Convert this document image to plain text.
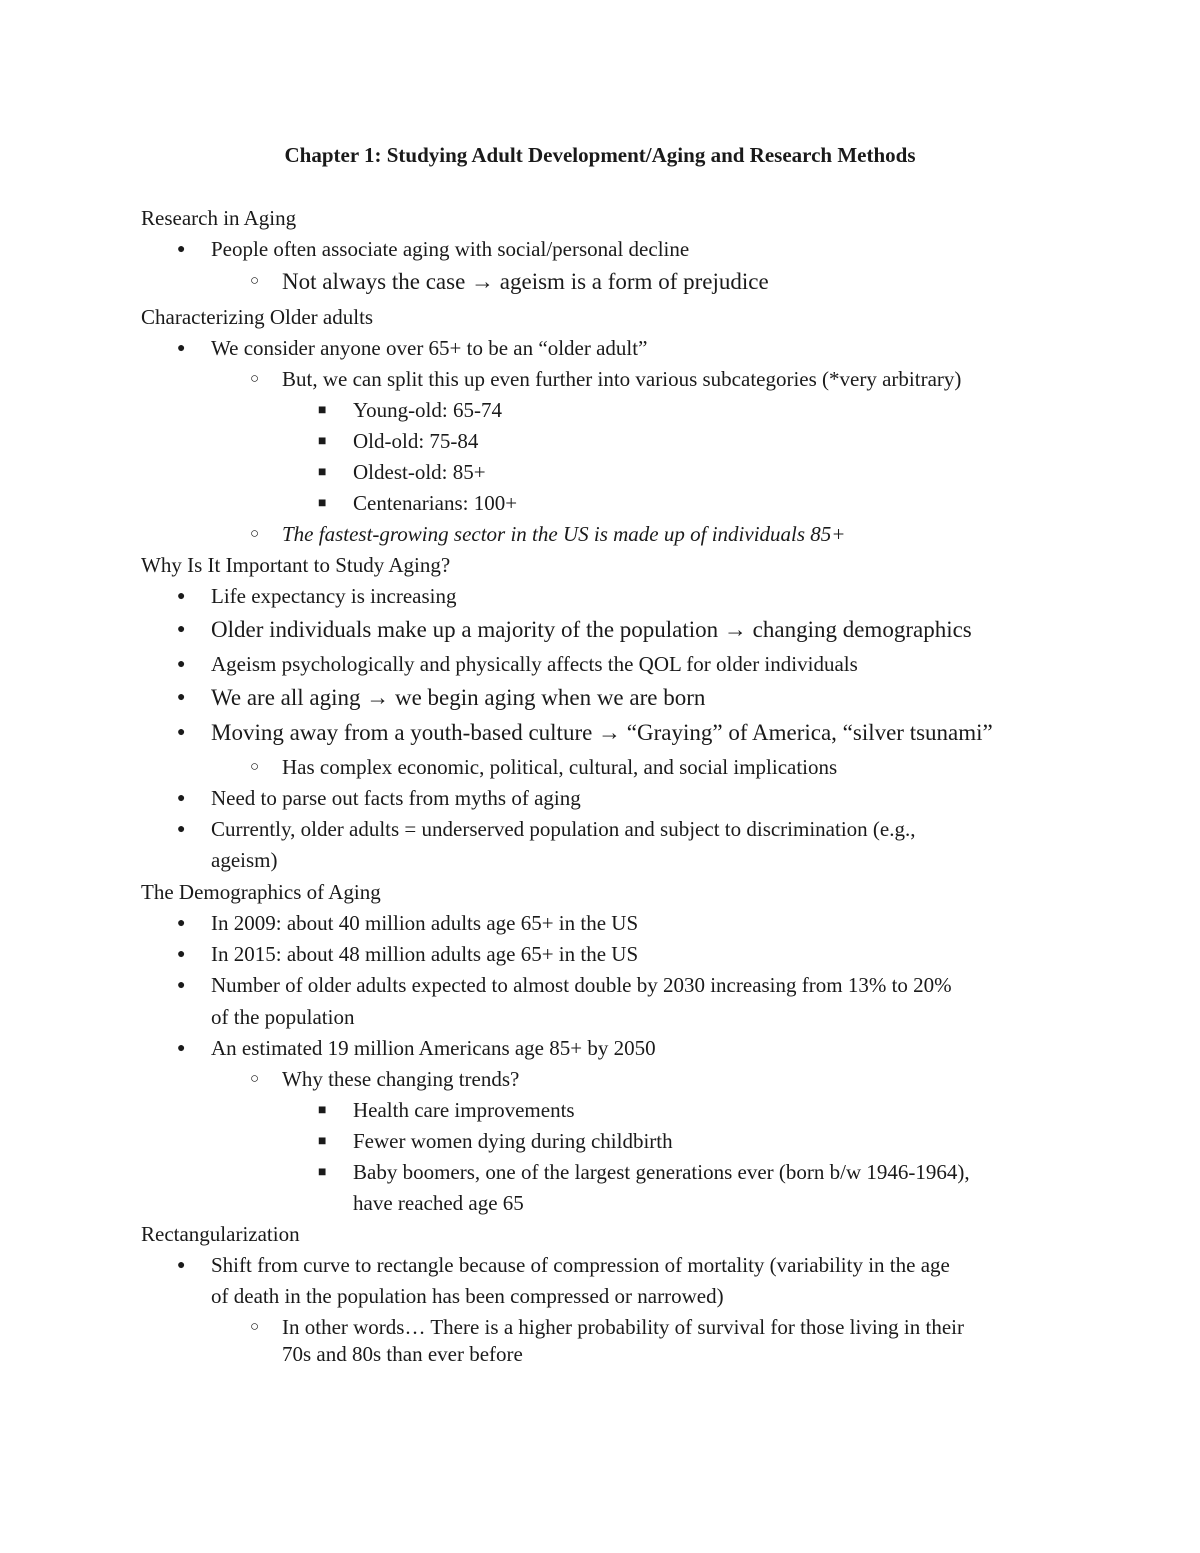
Chapter 1: Studying Adult Development/Aging and Research Methods
Research in Aging
● People often associate aging with social/personal decline
○ Not always the case → ageism is a form of prejudice
Characterizing Older adults
● We consider anyone over 65+ to be an “older adult”
○ But, we can split this up even further into various subcategories (*very arbitrary)
■ Young-old: 65-74
■ Old-old: 75-84
■ Oldest-old: 85+
■ Centenarians: 100+
○ The fastest-growing sector in the US is made up of individuals 85+
Why Is It Important to Study Aging?
● Life expectancy is increasing
● Older individuals make up a majority of the population → changing demographics
● Ageism psychologically and physically affects the QOL for older individuals
● We are all aging → we begin aging when we are born
● Moving away from a youth-based culture → “Graying” of America, “silver tsunami”
○ Has complex economic, political, cultural, and social implications
● Need to parse out facts from myths of aging
● Currently, older adults = underserved population and subject to discrimination (e.g.,
ageism)
The Demographics of Aging
● In 2009: about 40 million adults age 65+ in the US
● In 2015: about 48 million adults age 65+ in the US
● Number of older adults expected to almost double by 2030 increasing from 13% to 20%
of the population
● An estimated 19 million Americans age 85+ by 2050
○ Why these changing trends?
■ Health care improvements
■ Fewer women dying during childbirth
■ Baby boomers, one of the largest generations ever (born b/w 1946-1964),
have reached age 65
Rectangularization
● Shift from curve to rectangle because of compression of mortality (variability in the age
of death in the population has been compressed or narrowed)
○ In other words… There is a higher probability of survival for those living in their
70s and 80s than ever before
